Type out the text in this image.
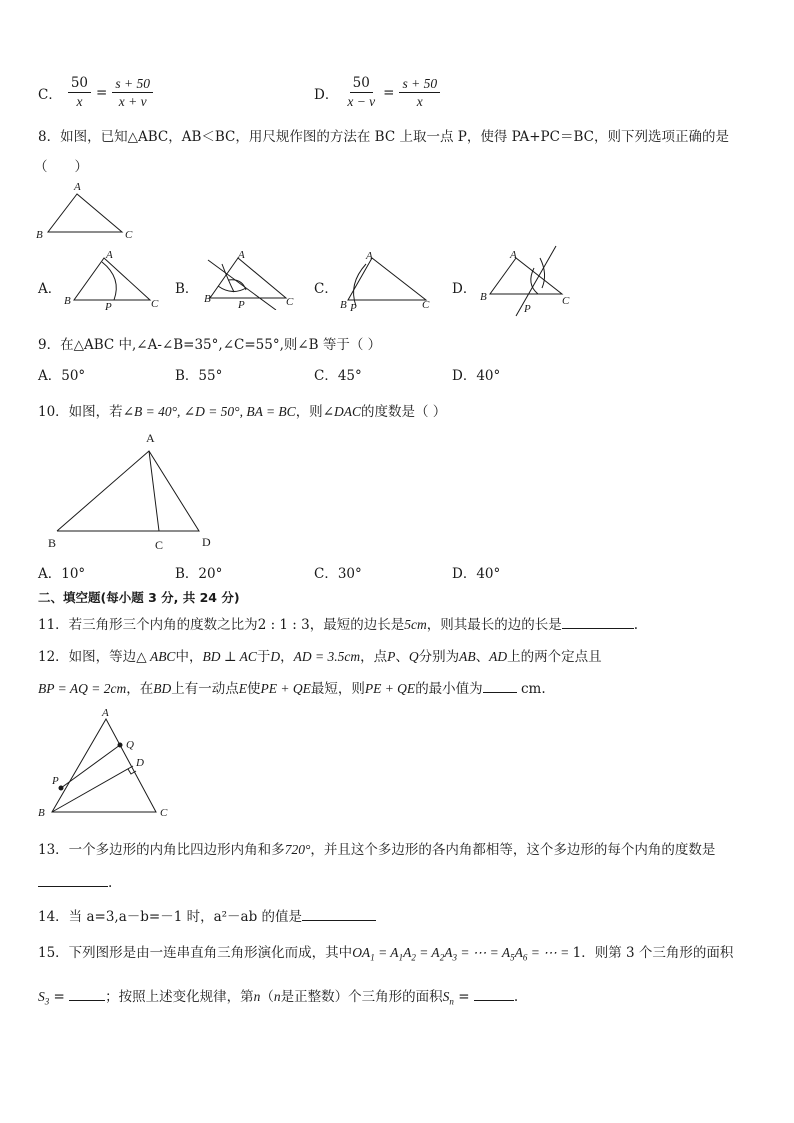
C． $\frac{50}{x} = \frac{s + 50}{x + v}$	D． $\frac{50}{x - v} = \frac{s + 50}{x}$
8．如图，已知△ABC，AB＜BC，用尺规作图的方法在 BC 上取一点 P，使得 PA+PC＝BC，则下列选项正确的是
（　　）
A
B	C
A．
A
B	P	C
B．
A
B P	C
C．
A
B P	C
D．
A
B
P
C
9．在△ABC 中,∠A-∠B=35°,∠C=55°,则∠B 等于（ ）
A．50°	B．55°	C．45°	D．40°
10．如图，若∠B = 40°, ∠D = 50°, BA = BC，则∠DAC的度数是（ ）
A
B	C	D
A．10°	B．20°	C．30°	D．40°
二、填空题(每小题 3 分, 共 24 分)
11．若三角形三个内角的度数之比为2 : 1 : 3，最短的边长是5cm，则其最长的边的长是	.
12．如图，等边△ ABC中，BD ⊥ AC于D，AD = 3.5cm，点P、Q分别为AB、AD上的两个定点且
BP = AQ = 2cm，在BD上有一动点E使PE + QE最短，则PE + QE的最小值为	cm.
A
Q
D
P
B	C
13．一个多边形的内角比四边形内角和多720°，并且这个多边形的各内角都相等，这个多边形的每个内角的度数是
.
14．当 a=3,a－b=－1 时，a²－ab 的值是
15．下列图形是由一连串直角三角形演化而成，其中$OA_1 = A_1A_2 = A_2A_3$ = ⋯ = $A_5A_6$ = ⋯ = 1．则第 3 个三角形的面积
$S_3$ =	；按照上述变化规律，第n（n是正整数）个三角形的面积$S_n$ =	.
